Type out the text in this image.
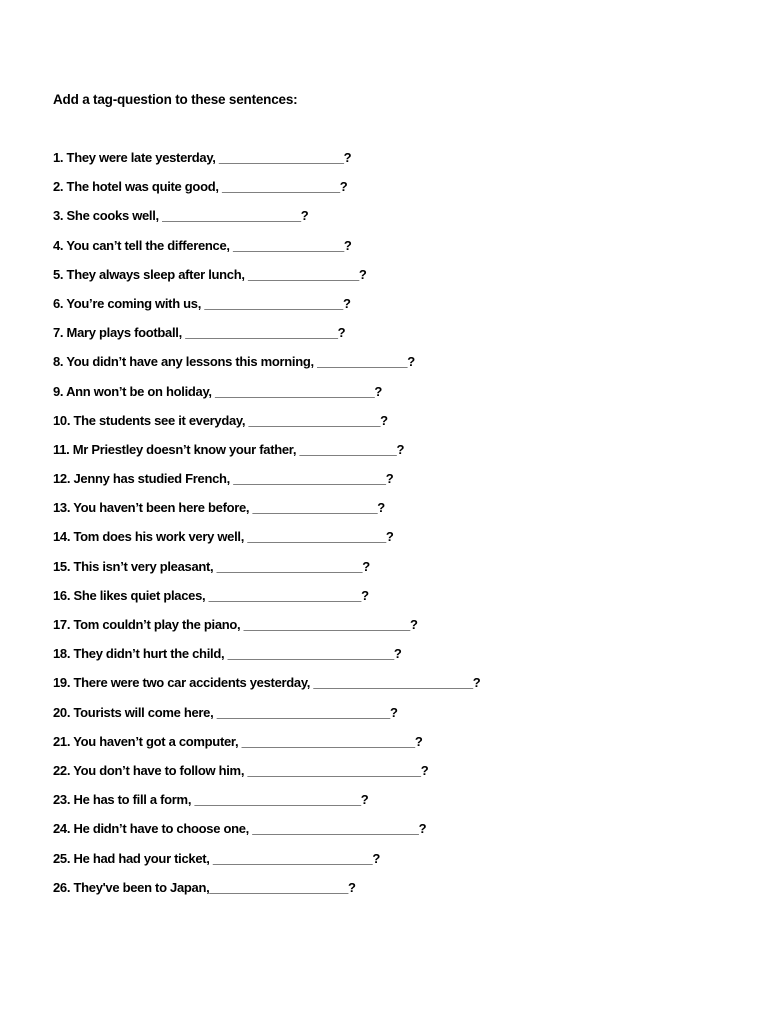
Add a tag-question to these sentences:
1. They were late yesterday, __________________?
2. The hotel was quite good, _________________?
3. She cooks well, ____________________?
4. You can’t tell the difference, ________________?
5. They always sleep after lunch, ________________?
6. You’re coming with us, ____________________?
7. Mary plays football, ______________________?
8. You didn’t have any lessons this morning, _____________?
9. Ann won’t be on holiday, _______________________?
10. The students see it everyday, ___________________?
11. Mr Priestley doesn’t know your father, ______________?
12. Jenny has studied French, ______________________?
13. You haven’t been here before, __________________?
14. Tom does his work very well, ____________________?
15. This isn’t very pleasant, _____________________?
16. She likes quiet places, ______________________?
17. Tom couldn’t play the piano, ________________________?
18. They didn’t hurt the child, ________________________?
19. There were two car accidents yesterday, _______________________?
20. Tourists will come here, _________________________?
21. You haven’t got a computer, _________________________?
22. You don’t have to follow him, _________________________?
23. He has to fill a form, ________________________?
24. He didn’t have to choose one, ________________________?
25. He had had your ticket, _______________________?
26. They've been to Japan,____________________?
